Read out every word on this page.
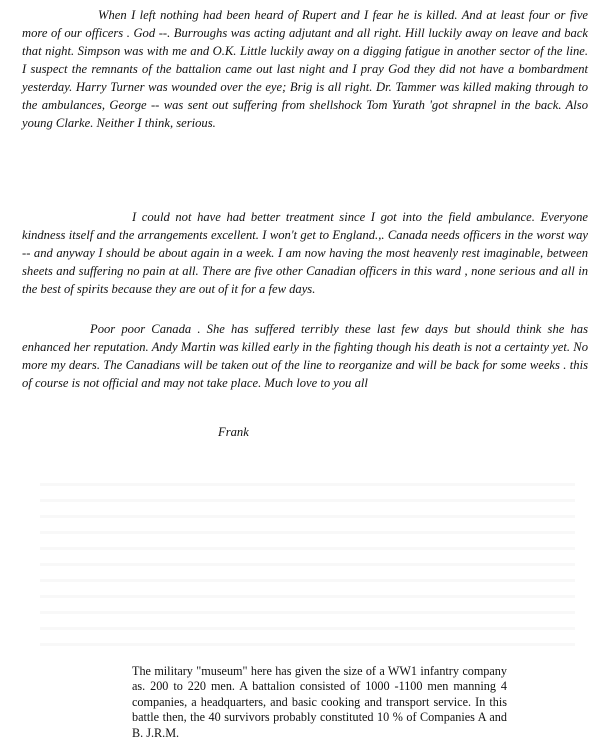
When I left nothing had been heard of Rupert and I fear he is killed. And at least four or five more of our officers . God --. Burroughs was acting adjutant and all right. Hill luckily away on leave and back that night. Simpson was with me and O.K. Little luckily away on a digging fatigue in another sector of the line. I suspect the remnants of the battalion came out last night and I pray God they did not have a bombardment yesterday. Harry Turner was wounded over the eye; Brig is all right. Dr. Tammer was killed making through to the ambulances, George -- was sent out suffering from shellshock Tom Yurath 'got shrapnel in the back. Also young Clarke. Neither I think, serious.

I could not have had better treatment since I got into the field ambulance. Everyone kindness itself and the arrangements excellent. I won't get to England.,. Canada needs officers in the worst way -- and anyway I should be about again in a week. I am now having the most heavenly rest imaginable, between sheets and suffering no pain at all. There are five other Canadian officers in this ward , none serious and all in the best of spirits because they are out of it for a few days.

Poor poor Canada . She has suffered terribly these last few days but should think she has enhanced her reputation. Andy Martin was killed early in the fighting though his death is not a certainty yet. No more my dears. The Canadians will be taken out of the line to reorganize and will be back for some weeks . this of course is not official and may not take place. Much love to you all

Frank

The military "museum" here has given the size of a WW1 infantry company as. 200 to 220 men. A battalion consisted of 1000 -1100 men manning 4 companies, a headquarters, and basic cooking and transport service. In this battle then, the 40 survivors probably constituted 10 % of Companies A and B. J.R.M.
